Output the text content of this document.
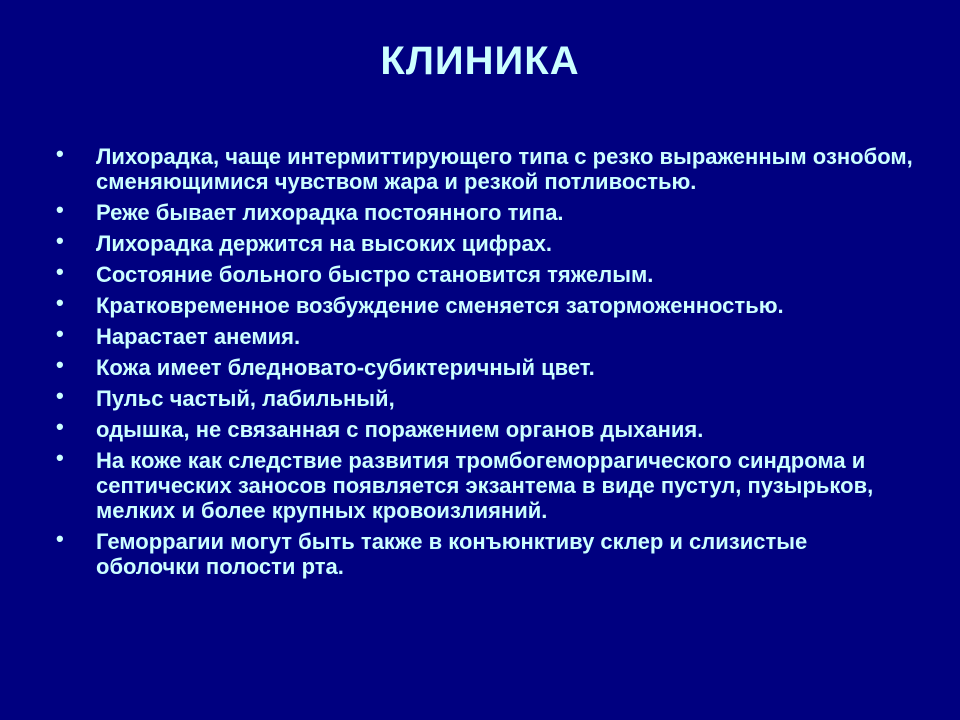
КЛИНИКА
• Лихорадка, чаще интермиттирующего типа с резко выраженным ознобом, сменяющимися чувством жара и резкой потливостью.
• Реже бывает лихорадка постоянного типа.
• Лихорадка держится на высоких цифрах.
• Состояние больного быстро становится тяжелым.
• Кратковременное возбуждение сменяется заторможенностью.
• Нарастает анемия.
• Кожа имеет бледновато-субиктеричный цвет.
• Пульс частый, лабильный,
• одышка, не связанная с поражением органов дыхания.
• На коже как следствие развития тромбогеморрагического синдрома и септических заносов появляется экзантема в виде пустул, пузырьков, мелких и более крупных кровоизлияний.
• Геморрагии могут быть также в конъюнктиву склер и слизистые оболочки полости рта.
